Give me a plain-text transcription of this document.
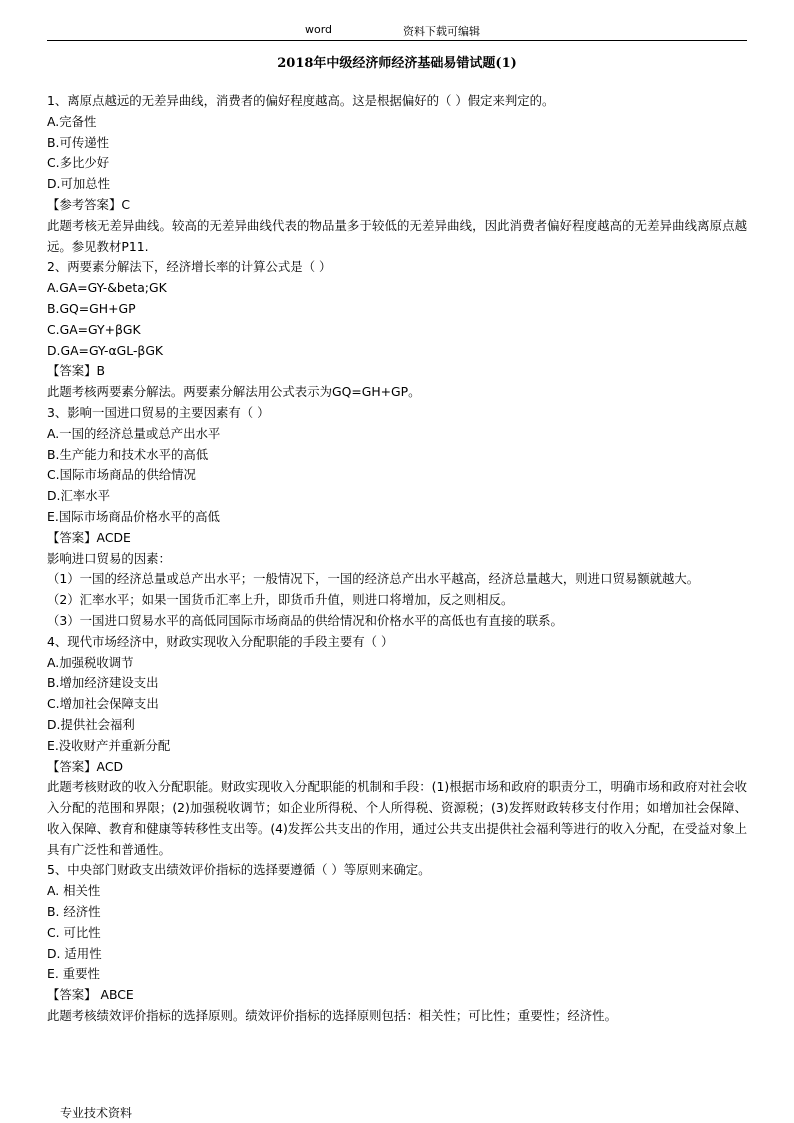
word	资料下载可编辑
2018年中级经济师经济基础易错试题(1)
1、离原点越远的无差异曲线，消费者的偏好程度越高。这是根据偏好的（ ）假定来判定的。
A.完备性
B.可传递性
C.多比少好
D.可加总性
【参考答案】C
此题考核无差异曲线。较高的无差异曲线代表的物品量多于较低的无差异曲线，因此消费者偏好程度越高的无差异曲线离原点越远。参见教材P11.
2、两要素分解法下，经济增长率的计算公式是（ ）
A.GA=GY-&beta;GK
B.GQ=GH+GP
C.GA=GY+βGK
D.GA=GY-αGL-βGK
【答案】B
此题考核两要素分解法。两要素分解法用公式表示为GQ=GH+GP。
3、影响一国进口贸易的主要因素有（ ）
A.一国的经济总量或总产出水平
B.生产能力和技术水平的高低
C.国际市场商品的供给情况
D.汇率水平
E.国际市场商品价格水平的高低
【答案】ACDE
影响进口贸易的因素：
（1）一国的经济总量或总产出水平；一般情况下，一国的经济总产出水平越高，经济总量越大，则进口贸易额就越大。
（2）汇率水平；如果一国货币汇率上升，即货币升值，则进口将增加，反之则相反。
（3）一国进口贸易水平的高低同国际市场商品的供给情况和价格水平的高低也有直接的联系。
4、现代市场经济中，财政实现收入分配职能的手段主要有（ ）
A.加强税收调节
B.增加经济建设支出
C.增加社会保障支出
D.提供社会福利
E.没收财产并重新分配
【答案】ACD
此题考核财政的收入分配职能。财政实现收入分配职能的机制和手段：(1)根据市场和政府的职责分工，明确市场和政府对社会收入分配的范围和界限；(2)加强税收调节；如企业所得税、个人所得税、资源税；(3)发挥财政转移支付作用；如增加社会保障、收入保障、教育和健康等转移性支出等。(4)发挥公共支出的作用，通过公共支出提供社会福利等进行的收入分配，在受益对象上具有广泛性和普通性。
5、中央部门财政支出绩效评价指标的选择要遵循（ ）等原则来确定。
A. 相关性
B. 经济性
C. 可比性
D. 适用性
E. 重要性
【答案】 ABCE
此题考核绩效评价指标的选择原则。绩效评价指标的选择原则包括：相关性；可比性；重要性；经济性。
专业技术资料
